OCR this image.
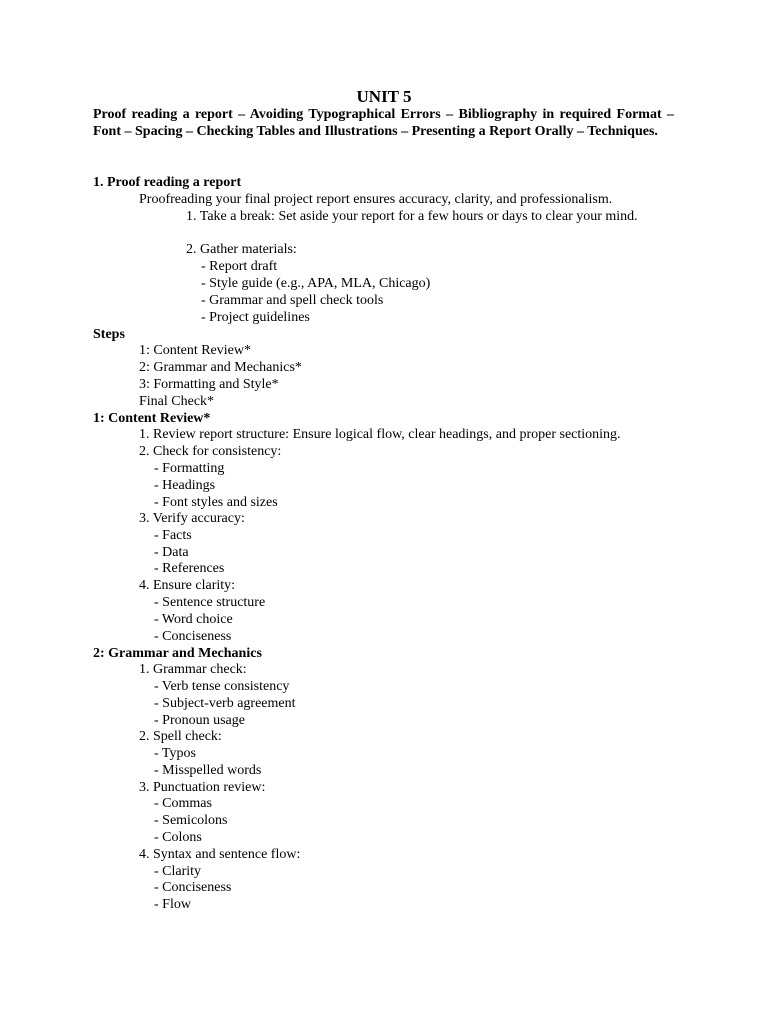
UNIT 5
Proof reading a report – Avoiding Typographical Errors – Bibliography in required Format – Font – Spacing – Checking Tables and Illustrations – Presenting a Report Orally – Techniques.
1. Proof reading a report
Proofreading your final project report ensures accuracy, clarity, and professionalism.
1. Take a break: Set aside your report for a few hours or days to clear your mind.
2. Gather materials:
- Report draft
- Style guide (e.g., APA, MLA, Chicago)
- Grammar and spell check tools
- Project guidelines
Steps
1: Content Review*
2: Grammar and Mechanics*
3: Formatting and Style*
Final Check*
1: Content Review*
1. Review report structure: Ensure logical flow, clear headings, and proper sectioning.
2. Check for consistency:
- Formatting
- Headings
- Font styles and sizes
3. Verify accuracy:
- Facts
- Data
- References
4. Ensure clarity:
- Sentence structure
- Word choice
- Conciseness
2: Grammar and Mechanics
1. Grammar check:
- Verb tense consistency
- Subject-verb agreement
- Pronoun usage
2. Spell check:
- Typos
- Misspelled words
3. Punctuation review:
- Commas
- Semicolons
- Colons
4. Syntax and sentence flow:
- Clarity
- Conciseness
- Flow
